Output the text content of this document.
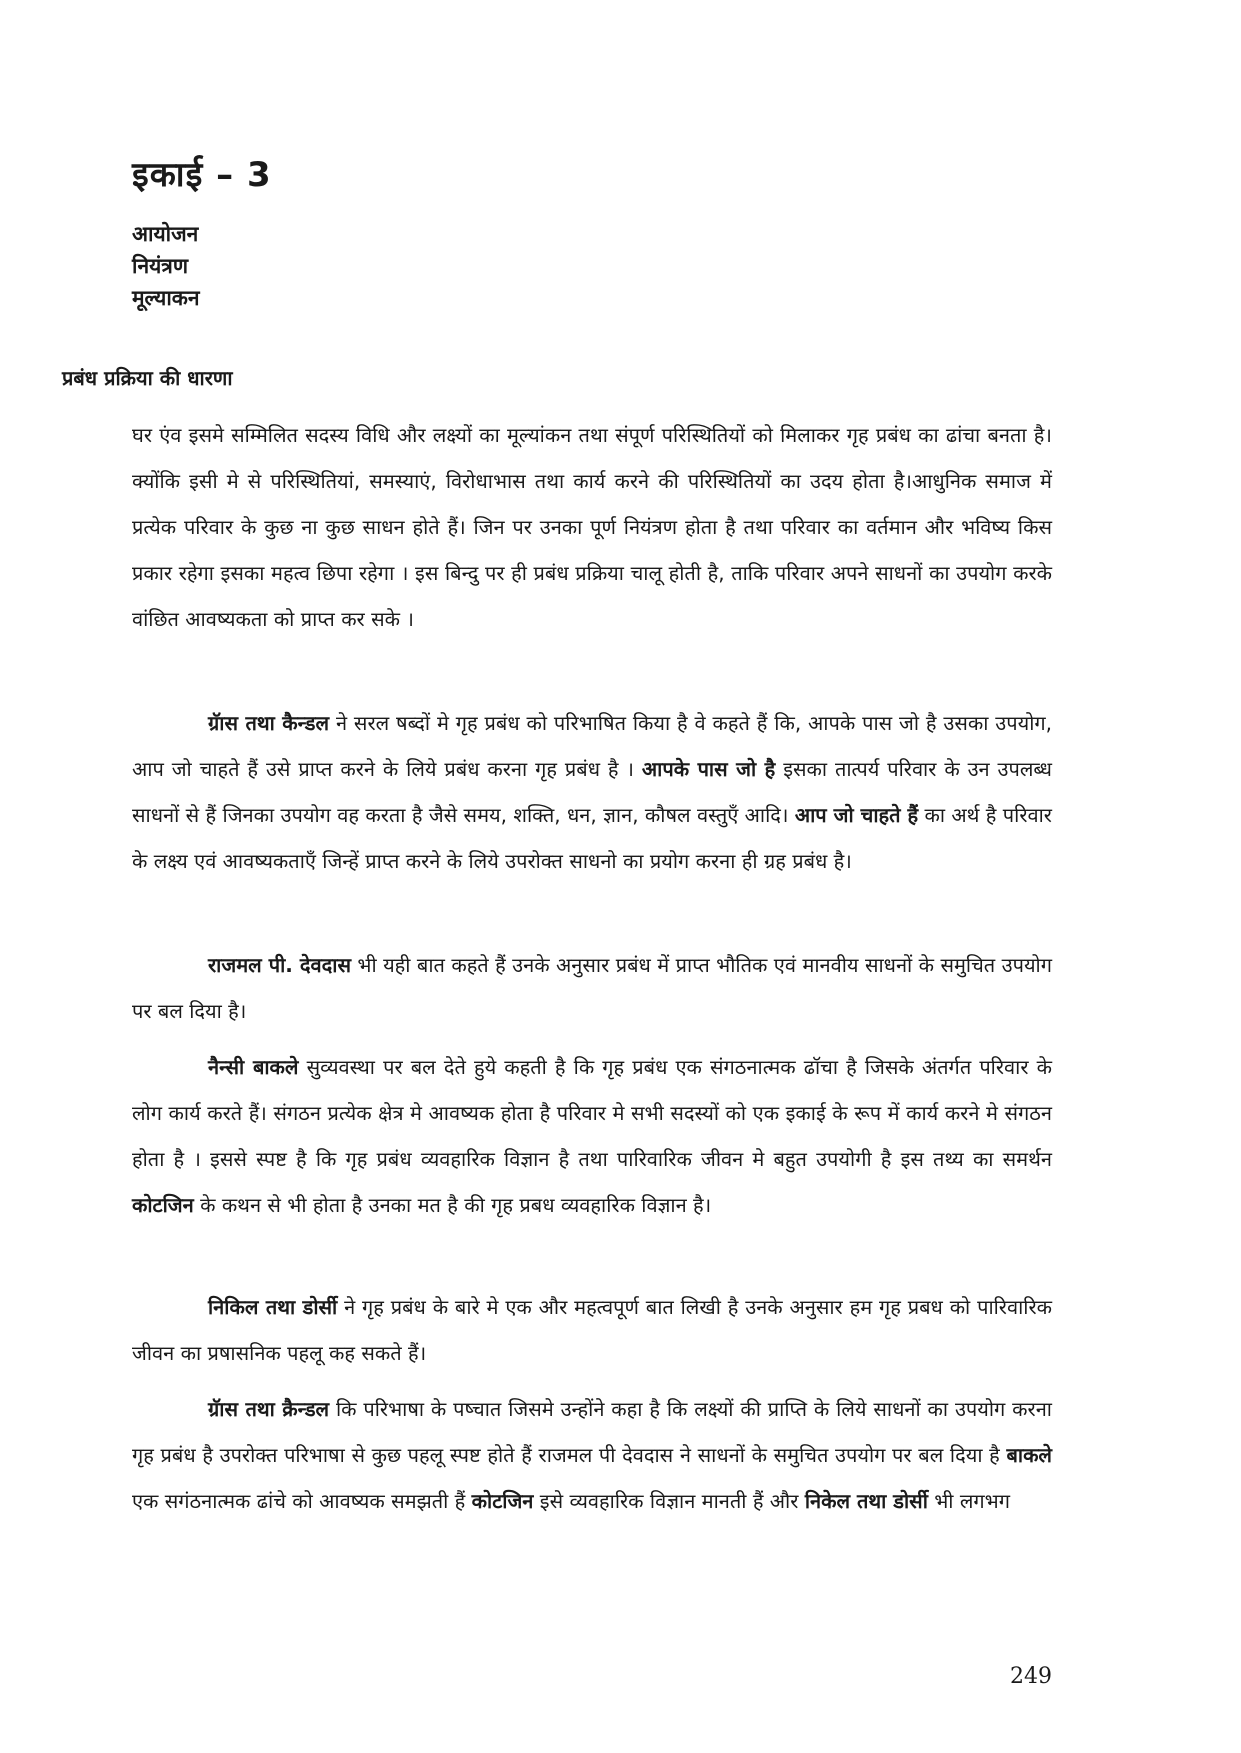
इकाई – 3
आयोजन
नियंत्रण
मूल्याकन
प्रबंध प्रक्रिया की धारणा

घर एंव इसमे सम्मिलित सदस्य विधि और लक्ष्यों का मूल्यांकन तथा संपूर्ण परिस्थितियों को मिलाकर गृह प्रबंध का ढांचा बनता है। क्योंकि इसी मे से परिस्थितियां, समस्याएं, विरोधाभास तथा कार्य करने की परिस्थितियों का उदय होता है।आधुनिक समाज में प्रत्येक परिवार के कुछ ना कुछ साधन होते हैं। जिन पर उनका पूर्ण नियंत्रण होता है तथा परिवार का वर्तमान और भविष्य किस प्रकार रहेगा इसका महत्व छिपा रहेगा । इस बिन्दु पर ही प्रबंध प्रक्रिया चालू होती है, ताकि परिवार अपने साधनों का उपयोग करके वांछित आवष्यकता को प्राप्त कर सके ।

ग्रॅास तथा कैन्डल ने सरल षब्दों मे गृह प्रबंध को परिभाषित किया है वे कहते हैं कि, आपके पास जो है उसका उपयोग, आप जो चाहते हैं उसे प्राप्त करने के लिये प्रबंध करना गृह प्रबंध है । आपके पास जो है इसका तात्पर्य परिवार के उन उपलब्ध साधनों से हैं जिनका उपयोग वह करता है जैसे समय, शक्ति, धन, ज्ञान, कौषल वस्तुऍं आदि। आप जो चाहते हैं का अर्थ है परिवार के लक्ष्य एवं आवष्यकताऍं जिन्हें प्राप्त करने के लिये उपरोक्त साधनो का प्रयोग करना ही ग्रह प्रबंध है।

राजमल पी. देवदास भी यही बात कहते हैं उनके अनुसार प्रबंध में प्राप्त भौतिक एवं मानवीय साधनों के समुचित उपयोग पर बल दिया है।

नैन्सी बाकले सुव्यवस्था पर बल देते हुये कहती है कि गृह प्रबंध एक संगठनात्मक ढॉचा है जिसके अंतर्गत परिवार के लोग कार्य करते हैं। संगठन प्रत्येक क्षेत्र मे आवष्यक होता है परिवार मे सभी सदस्यों को एक इकाई के रूप में कार्य करने मे संगठन होता है । इससे स्पष्ट है कि गृह प्रबंध व्यवहारिक विज्ञान है तथा पारिवारिक जीवन मे बहुत उपयोगी है इस तथ्य का समर्थन कोटजिन के कथन से भी होता है उनका मत है की गृह प्रबध व्यवहारिक विज्ञान है।

निकिल तथा डोर्सी ने गृह प्रबंध के बारे मे एक और महत्वपूर्ण बात लिखी है उनके अनुसार हम गृह प्रबध को पारिवारिक जीवन का प्रषासनिक पहलू कह सकते हैं।

ग्रॅास तथा क्रैन्डल कि परिभाषा के पष्चात जिसमे उन्होंने कहा है कि लक्ष्यों की प्राप्ति के लिये साधनों का उपयोग करना गृह प्रबंध है उपरोक्त परिभाषा से कुछ पहलू स्पष्ट होते हैं राजमल पी देवदास ने साधनों के समुचित उपयोग पर बल दिया है बाकले एक सगंठनात्मक ढांचे को आवष्यक समझती हैं कोटजिन इसे व्यवहारिक विज्ञान मानती हैं और निकेल तथा डोर्सी भी लगभग

249
